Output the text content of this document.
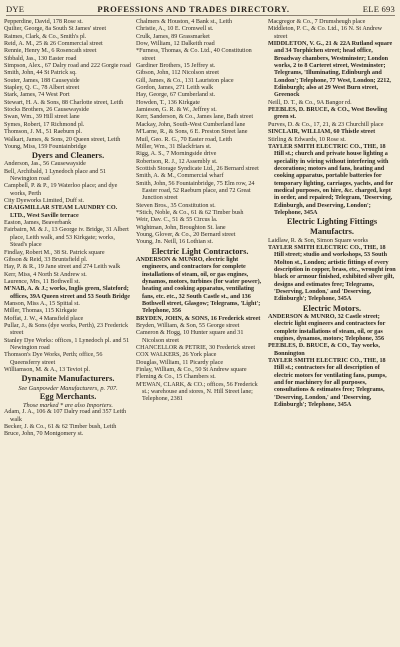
DYE	PROFESSIONS AND TRADES DIRECTORY.	ELE 693

Pepperdine, David, 178 Rose st.

Quilter, George, 8a South St James' street

Raimes, Clark, & Co., Smith's pl.

Reid, A. M., 25 & 26 Commercial street

Rennie, Henry M., 6 Rosencath street

Sibbald, Jas., 130 Easter road

Simpson, Alex., 67 Dalry road and 222 Gorgie road

Smith, John, 44 St Patrick sq.

Souter, James, 188 Causeyside

Stapley, Q. C., 78 Albert street

Stark, James, 74 West Port

Stewart, H. A. & Sons, 88 Charlotte street, Leith

Stocks Brothers, 26 Causewayside

Swan, Wm., 39 Hill street lane

Symes, Robert, 17 Richmond pl.

Thomson, J. M., 51 Raeburn pl.

Walkart, James, & Sons, 20 Queen street, Leith

Young, Miss, 159 Fountainbridge

Dyers and Cleaners.

Anderson, Jas., 56 Causewayside

Bell, Archibald, 1 Lynedoch place and 51 Newington road

Campbell, P. & P., 19 Waterloo place; and dye works, Perth

City Dyeworks Limited, Duff st.

CRAIGMILLAR STEAM LAUNDRY CO. LTD., West Saville terrace

Easton, James, Beaverbank

Fairbairn, M. & J., 13 George iv. Bridge, 31 Albert place, Leith walk, and 53 Kirkgate; works, Stead's place

Findlay, Robert M., 38 St. Patrick square

Gibson & Reid, 33 Bruntsfield pl.

Hay, P. & R., 19 Jane street and 274 Leith walk

Kerr, Miss, 4 North St Andrew st.

Laurence, Mrs, 11 Bothwell st.

M'NAB, A. & J.; works, Inglis green, Slateford; offices, 39A Queen street and 53 South Bridge

Manson, Miss A., 15 Spittal st.

Miller, Thomas, 115 Kirkgate

Moffat, J. W., 4 Mansfield place

Pullar, J., & Sons (dye works, Perth), 23 Frederick street

Stanley Dye Works: offices, 1 Lynedoch pl. and 51 Newington road

Thomson's Dye Works, Perth; office, 56 Queensferry street

Williamson, M. & A., 13 Teviot pl.

Dynamite Manufacturers.

See Gunpowder Manufacturers, p. 707.

Egg Merchants.

Those marked * are also Importers.

Adam, J. A., 106 & 107 Dalry road and 357 Leith walk

Becker, J. & Co., 61 & 62 Timber bush, Leith

Bruce, John, 70 Montgomery st.

Chalmers & Houston, 4 Bank st., Leith

Christie, A., 10 E. Cromwell st.

Crulk, James, 89 Grassmarket

Dow, William, 12 Dalkeith road

*Furness, Thomas, & Co. Ltd., 40 Constitution street

Gardiner Brothers, 15 Jeffrey st.

Gibson, John, 112 Nicolson street

Gill, James, & Co., 131 Lauriston place

Gordon, James, 271 Leith walk

Hay, George, 67 Cumberland st.

Howden, T., 136 Kirkgate

Jamieson, G. R. & W., Jeffrey st.

Kerr, Sanderson, & Co., James lane, Bath street

Mackay, John, South-West Cumberland lane

M'Larne, R., & Sons, 6 E. Preston Street lane

Muil, Geo. R. G., 70 Easter road, Leith

Miller, Wm., 31 Blackfriars st.

Rigg, A. S., 7 Morningside drive

Robertson, R. J., 12 Assembly st.

Scottish Storage Syndicate Ltd., 26 Bernard street

Smith, A. & M., Commercial wharf

Smith, John, 56 Fountainbridge, 75 Elm row, 24 Easter road, 52 Raeburn place, and 72 Great Junction street

Steven Bros., 35 Constitution st.

*Stich, Noble, & Co., 61 & 62 Timber bush

Weir, Dav. C., 51 & 55 Circus la.

Wightman, John, Broughton St. lane

Young, Glover, & Co., 20 Bernard street

Young, Jn. Neill, 16 Lothian st.

Electric Light Contractors.

ANDERSON & MUNRO, electric light engineers, and contractors for complete installations of steam, oil, or gas engines, dynamos, motors, turbines (for water power), heating and cooking apparatus, ventilating fans, etc. etc., 32 South Castle st., and 136 Bothwell street, Glasgow; Telegrams, 'Light'; Telephone, 356

BRYDEN, JOHN, & SONS, 16 Frederick street

Bryden, William, & Son, 55 George street

Cameron & Hogg, 10 Hunter square and 31 Nicolson street

CHANCELLOR & PETRIE, 30 Frederick street

COX WALKERS, 26 York place

Douglas, William, 11 Picardy place

Finlay, William, & Co., 50 St Andrew square

Fleming & Co., 15 Chambers st.

M'EWAN, CLARK, & CO.; offices, 56 Frederick st.; warehouse and stores, N. Hill Street lane; Telephone, 2381

Macgregor & Co., 7 Drumsheugh place

Middleton, P. C., & Co. Ltd., 16 N. St Andrew street

MIDDLETON, V. G., 21 & 22A Rutland square and 34 Torphichen street; head office, Broadway chambers, Westminster; London works, 2 to 8 Carteret street, Westminster; Telegrams, 'Illuminating, Edinburgh and London'; Telephone, 77 West, London; 2212, Edinburgh; also at 29 West Burn street, Greenock

Neill, D. T., & Co., 9A Bangor rd.

PEEBLES, D. BRUCE, & CO., West Bowling green st.

Purves, D. & Co., 17, 21, & 23 Churchill place

SINCLAIR, WILLIAM, 60 Thistle street

Stirling & Edwards, 10 Rose st.

TAYLER SMITH ELECTRIC CO., THE, 18 Hill st.; church and private house lighting a speciality in wiring without interfering with decorations; motors and fans, heating and cooking apparatus, portable batteries for temporary lighting, carriages, yachts, and for medical purposes, on hire, &c. charged, kept in order, and repaired; Telegram, 'Deserving, Edinburgh, and Deserving, London'; Telephone, 345A

Electric Lighting Fittings Manufactrs.

Laidlaw, R. & Son, Simon Square works

TAYLER SMITH ELECTRIC CO., THE, 18 Hill street; studio and workshops, 53 South Molton st., London; artistic fittings of every description in copper, brass, etc., wrought iron black or armour finished, exhibited silver gilt, designs and estimates free; Telegrams, 'Deserving, London,' and 'Deserving, Edinburgh'; Telephone, 345A

Electric Motors.

ANDERSON & MUNRO, 32 Castle street; electric light engineers and contractors for complete installations of steam, oil, or gas engines, dynamos, motors; Telephone, 356

PEEBLES, D. BRUCE, & CO., Tay works, Bonnington

TAYLER SMITH ELECTRIC CO., THE, 18 Hill st.; contractors for all description of electric motors for ventilating fans, pumps, and for machinery for all purposes, consultations & estimates free; Telegrams, 'Deserving, London,' and 'Deserving, Edinburgh'; Telephone, 345A
